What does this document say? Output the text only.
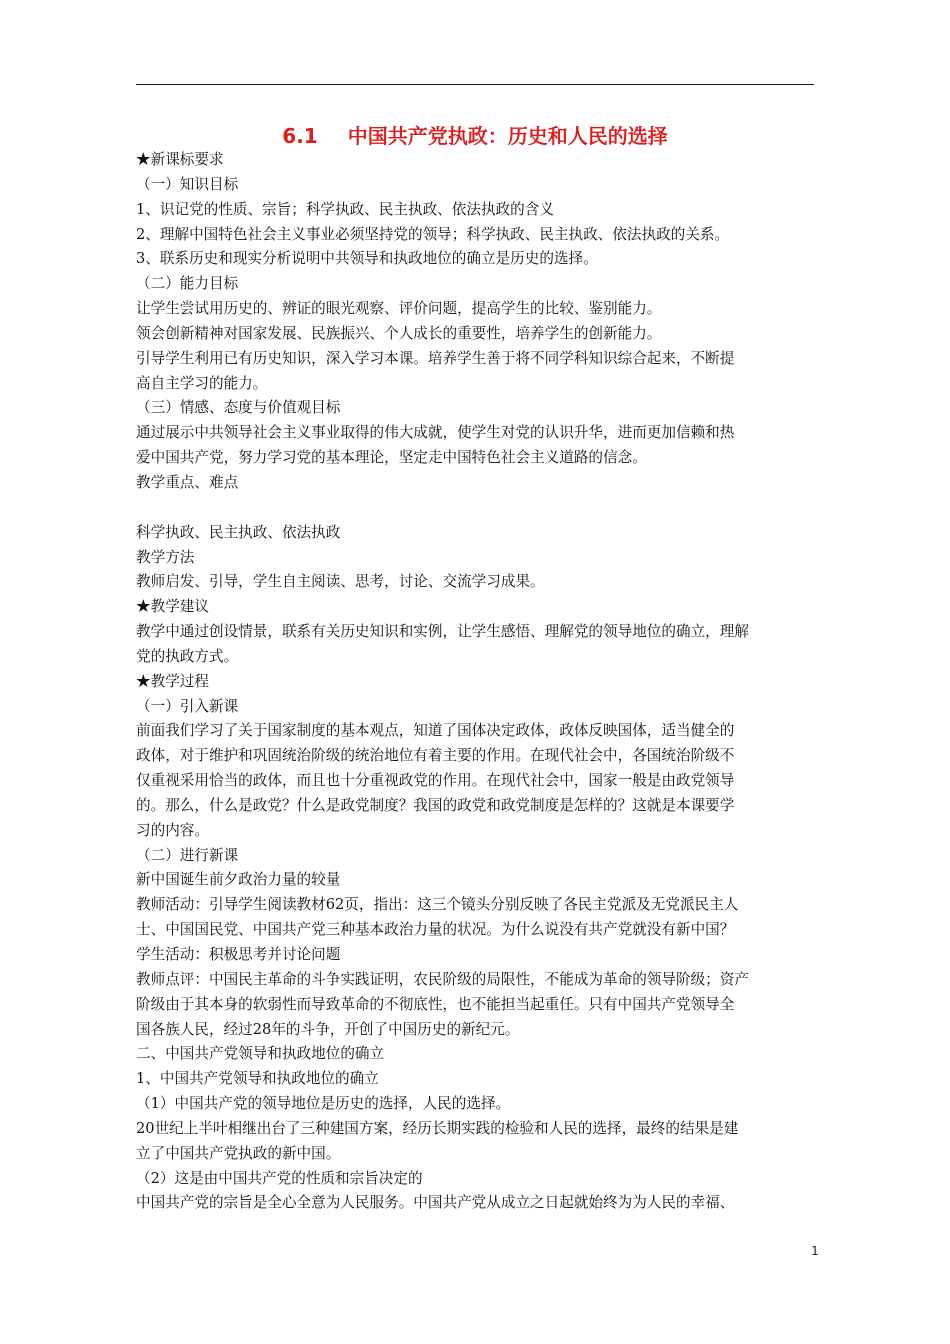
6.1 中国共产党执政：历史和人民的选择
★新课标要求
（一）知识目标
1、识记党的性质、宗旨；科学执政、民主执政、依法执政的含义
2、理解中国特色社会主义事业必须坚持党的领导；科学执政、民主执政、依法执政的关系。
3、联系历史和现实分析说明中共领导和执政地位的确立是历史的选择。
（二）能力目标
让学生尝试用历史的、辨证的眼光观察、评价问题，提高学生的比较、鉴别能力。
领会创新精神对国家发展、民族振兴、个人成长的重要性，培养学生的创新能力。
引导学生利用已有历史知识，深入学习本课。培养学生善于将不同学科知识综合起来，不断提
高自主学习的能力。
（三）情感、态度与价值观目标
通过展示中共领导社会主义事业取得的伟大成就，使学生对党的认识升华，进而更加信赖和热
爱中国共产党，努力学习党的基本理论，坚定走中国特色社会主义道路的信念。
教学重点、难点
科学执政、民主执政、依法执政
教学方法
教师启发、引导，学生自主阅读、思考，讨论、交流学习成果。
★教学建议
教学中通过创设情景，联系有关历史知识和实例，让学生感悟、理解党的领导地位的确立，理解
党的执政方式。
★教学过程
（一）引入新课
前面我们学习了关于国家制度的基本观点，知道了国体决定政体，政体反映国体，适当健全的
政体，对于维护和巩固统治阶级的统治地位有着主要的作用。在现代社会中，各国统治阶级不
仅重视采用恰当的政体，而且也十分重视政党的作用。在现代社会中，国家一般是由政党领导
的。那么，什么是政党？什么是政党制度？我国的政党和政党制度是怎样的？这就是本课要学
习的内容。
（二）进行新课
新中国诞生前夕政治力量的较量
教师活动：引导学生阅读教材62页，指出：这三个镜头分别反映了各民主党派及无党派民主人
士、中国国民党、中国共产党三种基本政治力量的状况。为什么说没有共产党就没有新中国？
学生活动：积极思考并讨论问题
教师点评：中国民主革命的斗争实践证明，农民阶级的局限性，不能成为革命的领导阶级；资产
阶级由于其本身的软弱性而导致革命的不彻底性，也不能担当起重任。只有中国共产党领导全
国各族人民，经过28年的斗争，开创了中国历史的新纪元。
二、中国共产党领导和执政地位的确立
1、中国共产党领导和执政地位的确立
（1）中国共产党的领导地位是历史的选择，人民的选择。
20世纪上半叶相继出台了三种建国方案，经历长期实践的检验和人民的选择，最终的结果是建
立了中国共产党执政的新中国。
（2）这是由中国共产党的性质和宗旨决定的
中国共产党的宗旨是全心全意为人民服务。中国共产党从成立之日起就始终为为人民的幸福、
1
